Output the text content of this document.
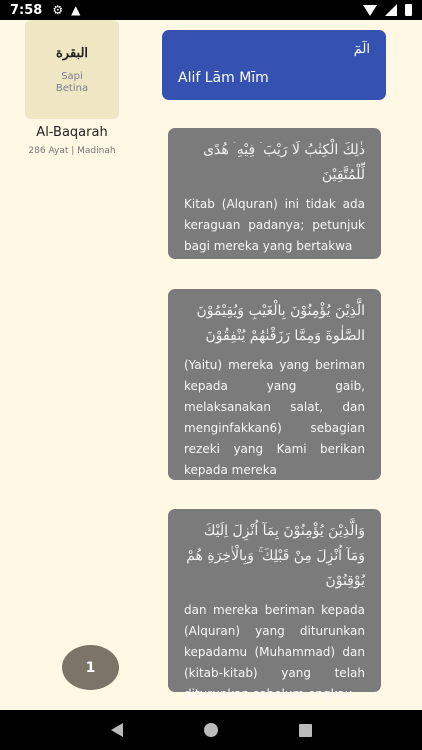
7:58 ⚙ ▲
البقرة
Sapi
Betina
Al-Baqarah
286 Ayat | Madinah
الٓمٓ
Alif Lām Mīm
ذٰلِكَ الْكِتٰبُ لَا رَيْبَ ۛ فِيْهِ ۛ هُدًى لِّلْمُتَّقِيْنَ
Kitab (Alquran) ini tidak ada keraguan padanya; petunjuk bagi mereka yang bertakwa
الَّذِيْنَ يُؤْمِنُوْنَ بِالْغَيْبِ وَيُقِيْمُوْنَ الصَّلٰوةَ وَمِمَّا رَزَقْنٰهُمْ يُنْفِقُوْنَ
(Yaitu) mereka yang beriman kepada yang gaib, melaksanakan salat, dan menginfakkan6) sebagian rezeki yang Kami berikan kepada mereka
وَالَّذِيْنَ يُؤْمِنُوْنَ بِمَآ اُنْزِلَ اِلَيْكَ وَمَآ اُنْزِلَ مِنْ قَبْلِكَ ۚ وَبِالْاٰخِرَةِ هُمْ يُوْقِنُوْنَ
dan mereka beriman kepada (Alquran) yang diturunkan kepadamu (Muhammad) dan (kitab-kitab) yang telah diturunkan sebelum engkau,
1
